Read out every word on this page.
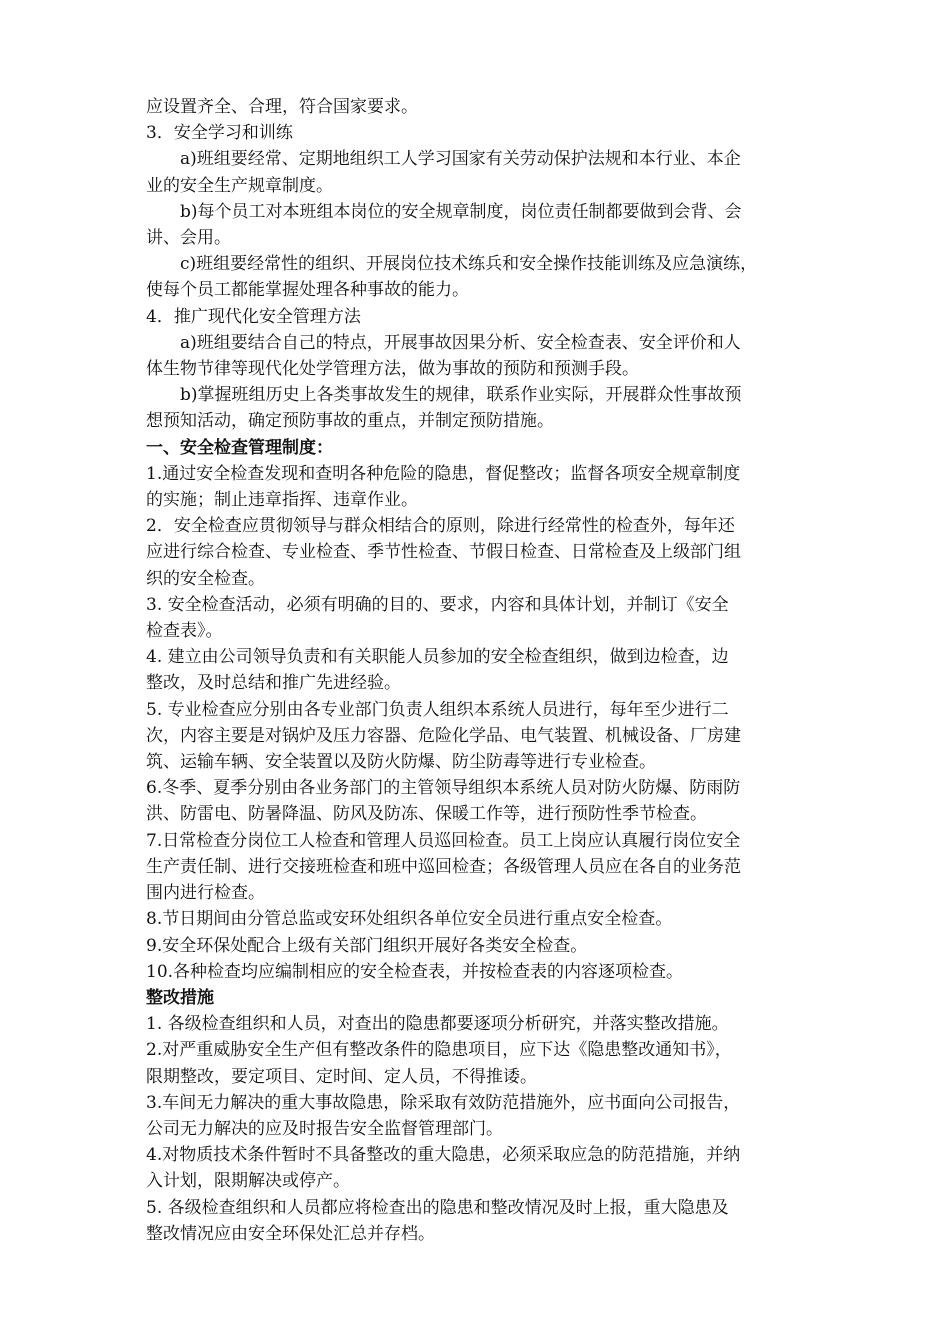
应设置齐全、合理，符合国家要求。
3．安全学习和训练
a)班组要经常、定期地组织工人学习国家有关劳动保护法规和本行业、本企
业的安全生产规章制度。
b)每个员工对本班组本岗位的安全规章制度，岗位责任制都要做到会背、会
讲、会用。
c)班组要经常性的组织、开展岗位技术练兵和安全操作技能训练及应急演练，
使每个员工都能掌握处理各种事故的能力。
4．推广现代化安全管理方法
a)班组要结合自己的特点，开展事故因果分析、安全检查表、安全评价和人
体生物节律等现代化处学管理方法，做为事故的预防和预测手段。
b)掌握班组历史上各类事故发生的规律，联系作业实际，开展群众性事故预
想预知活动，确定预防事故的重点，并制定预防措施。
一、安全检查管理制度：
1.通过安全检查发现和查明各种危险的隐患，督促整改；监督各项安全规章制度
的实施；制止违章指挥、违章作业。
2．安全检查应贯彻领导与群众相结合的原则，除进行经常性的检查外，每年还
应进行综合检查、专业检查、季节性检查、节假日检查、日常检查及上级部门组
织的安全检查。
3. 安全检查活动，必须有明确的目的、要求，内容和具体计划，并制订《安全
检查表》。
4. 建立由公司领导负责和有关职能人员参加的安全检查组织，做到边检查，边
整改，及时总结和推广先进经验。
5. 专业检查应分别由各专业部门负责人组织本系统人员进行，每年至少进行二
次，内容主要是对锅炉及压力容器、危险化学品、电气装置、机械设备、厂房建
筑、运输车辆、安全装置以及防火防爆、防尘防毒等进行专业检查。
6.冬季、夏季分别由各业务部门的主管领导组织本系统人员对防火防爆、防雨防
洪、防雷电、防暑降温、防风及防冻、保暖工作等，进行预防性季节检查。
7.日常检查分岗位工人检查和管理人员巡回检查。员工上岗应认真履行岗位安全
生产责任制、进行交接班检查和班中巡回检查；各级管理人员应在各自的业务范
围内进行检查。
8.节日期间由分管总监或安环处组织各单位安全员进行重点安全检查。
9.安全环保处配合上级有关部门组织开展好各类安全检查。
10.各种检查均应编制相应的安全检查表，并按检查表的内容逐项检查。
整改措施
1. 各级检查组织和人员，对查出的隐患都要逐项分析研究，并落实整改措施。
2.对严重威胁安全生产但有整改条件的隐患项目，应下达《隐患整改通知书》，
限期整改，要定项目、定时间、定人员，不得推诿。
3.车间无力解决的重大事故隐患，除采取有效防范措施外，应书面向公司报告，
公司无力解决的应及时报告安全监督管理部门。
4.对物质技术条件暂时不具备整改的重大隐患，必须采取应急的防范措施，并纳
入计划，限期解决或停产。
5. 各级检查组织和人员都应将检查出的隐患和整改情况及时上报，重大隐患及
整改情况应由安全环保处汇总并存档。
